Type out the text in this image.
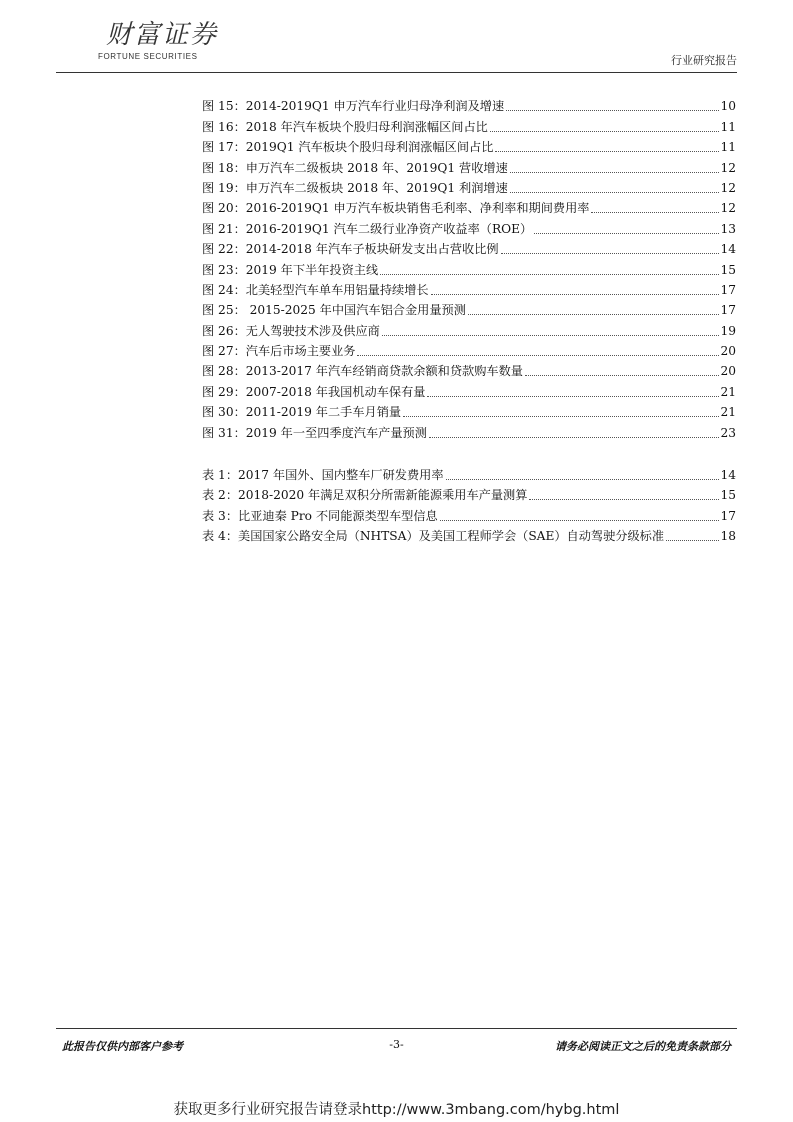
财富证券
FORTUNE SECURITIES	行业研究报告
图 15：2014-2019Q1 申万汽车行业归母净利润及增速	10
图 16：2018 年汽车板块个股归母利润涨幅区间占比	11
图 17：2019Q1 汽车板块个股归母利润涨幅区间占比	11
图 18：申万汽车二级板块 2018 年、2019Q1 营收增速	12
图 19：申万汽车二级板块 2018 年、2019Q1 利润增速	12
图 20：2016-2019Q1 申万汽车板块销售毛利率、净利率和期间费用率	12
图 21：2016-2019Q1 汽车二级行业净资产收益率（ROE）	13
图 22：2014-2018 年汽车子板块研发支出占营收比例	14
图 23：2019 年下半年投资主线	15
图 24：北美轻型汽车单车用铝量持续增长	17
图 25： 2015-2025 年中国汽车铝合金用量预测	17
图 26：无人驾驶技术涉及供应商	19
图 27：汽车后市场主要业务	20
图 28：2013-2017 年汽车经销商贷款余额和贷款购车数量	20
图 29：2007-2018 年我国机动车保有量	21
图 30：2011-2019 年二手车月销量	21
图 31：2019 年一至四季度汽车产量预测	23
表 1：2017 年国外、国内整车厂研发费用率	14
表 2：2018-2020 年满足双积分所需新能源乘用车产量测算	15
表 3：比亚迪秦 Pro 不同能源类型车型信息	17
表 4：美国国家公路安全局（NHTSA）及美国工程师学会（SAE）自动驾驶分级标准	18
此报告仅供内部客户参考	-3-	请务必阅读正文之后的免责条款部分
获取更多行业研究报告请登录http://www.3mbang.com/hybg.html
